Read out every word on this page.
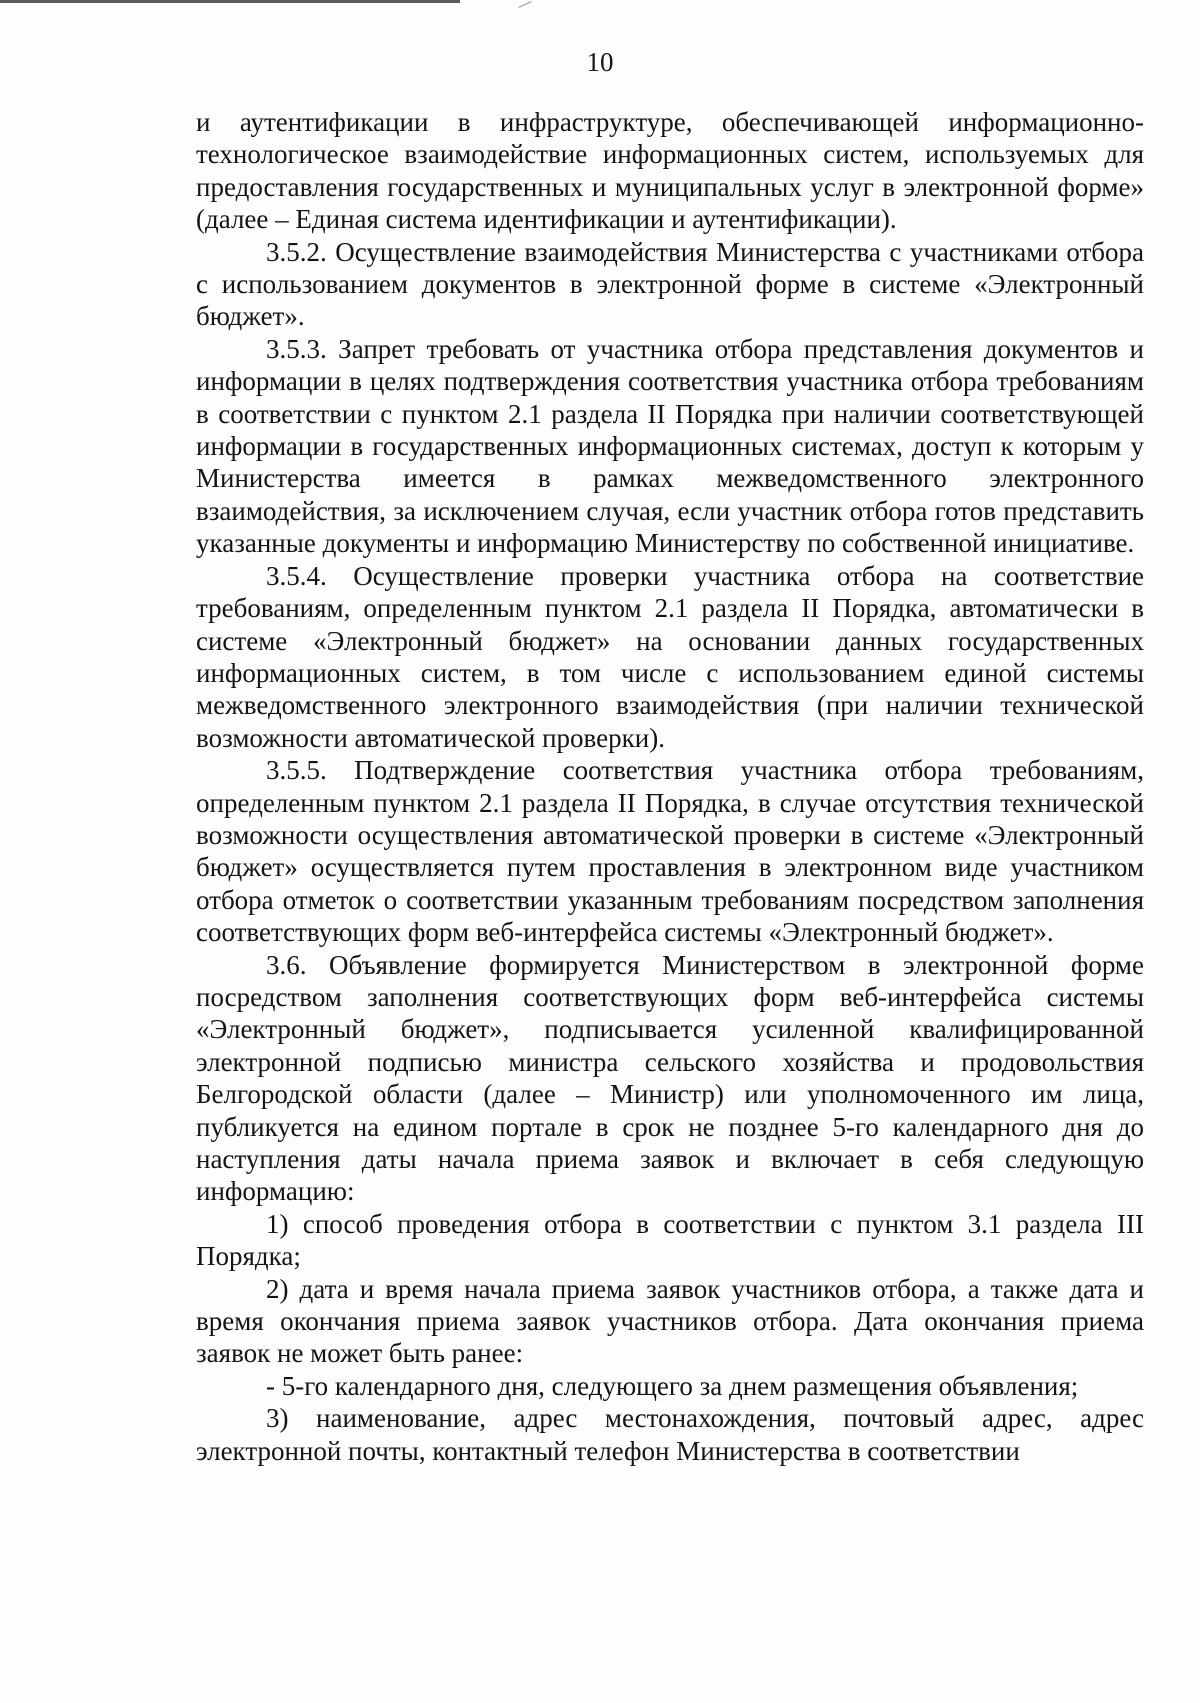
10

и аутентификации в инфраструктуре, обеспечивающей информационно-технологическое взаимодействие информационных систем, используемых для предоставления государственных и муниципальных услуг в электронной форме» (далее – Единая система идентификации и аутентификации).

3.5.2. Осуществление взаимодействия Министерства с участниками отбора с использованием документов в электронной форме в системе «Электронный бюджет».

3.5.3. Запрет требовать от участника отбора представления документов и информации в целях подтверждения соответствия участника отбора требованиям в соответствии с пунктом 2.1 раздела II Порядка при наличии соответствующей информации в государственных информационных системах, доступ к которым у Министерства имеется в рамках межведомственного электронного взаимодействия, за исключением случая, если участник отбора готов представить указанные документы и информацию Министерству по собственной инициативе.

3.5.4. Осуществление проверки участника отбора на соответствие требованиям, определенным пунктом 2.1 раздела II Порядка, автоматически в системе «Электронный бюджет» на основании данных государственных информационных систем, в том числе с использованием единой системы межведомственного электронного взаимодействия (при наличии технической возможности автоматической проверки).

3.5.5. Подтверждение соответствия участника отбора требованиям, определенным пунктом 2.1 раздела II Порядка, в случае отсутствия технической возможности осуществления автоматической проверки в системе «Электронный бюджет» осуществляется путем проставления в электронном виде участником отбора отметок о соответствии указанным требованиям посредством заполнения соответствующих форм веб-интерфейса системы «Электронный бюджет».

3.6. Объявление формируется Министерством в электронной форме посредством заполнения соответствующих форм веб-интерфейса системы «Электронный бюджет», подписывается усиленной квалифицированной электронной подписью министра сельского хозяйства и продовольствия Белгородской области (далее – Министр) или уполномоченного им лица, публикуется на едином портале в срок не позднее 5-го календарного дня до наступления даты начала приема заявок и включает в себя следующую информацию:

1) способ проведения отбора в соответствии с пунктом 3.1 раздела III Порядка;

2) дата и время начала приема заявок участников отбора, а также дата и время окончания приема заявок участников отбора. Дата окончания приема заявок не может быть ранее:

- 5-го календарного дня, следующего за днем размещения объявления;

3) наименование, адрес местонахождения, почтовый адрес, адрес электронной почты, контактный телефон Министерства в соответствии
